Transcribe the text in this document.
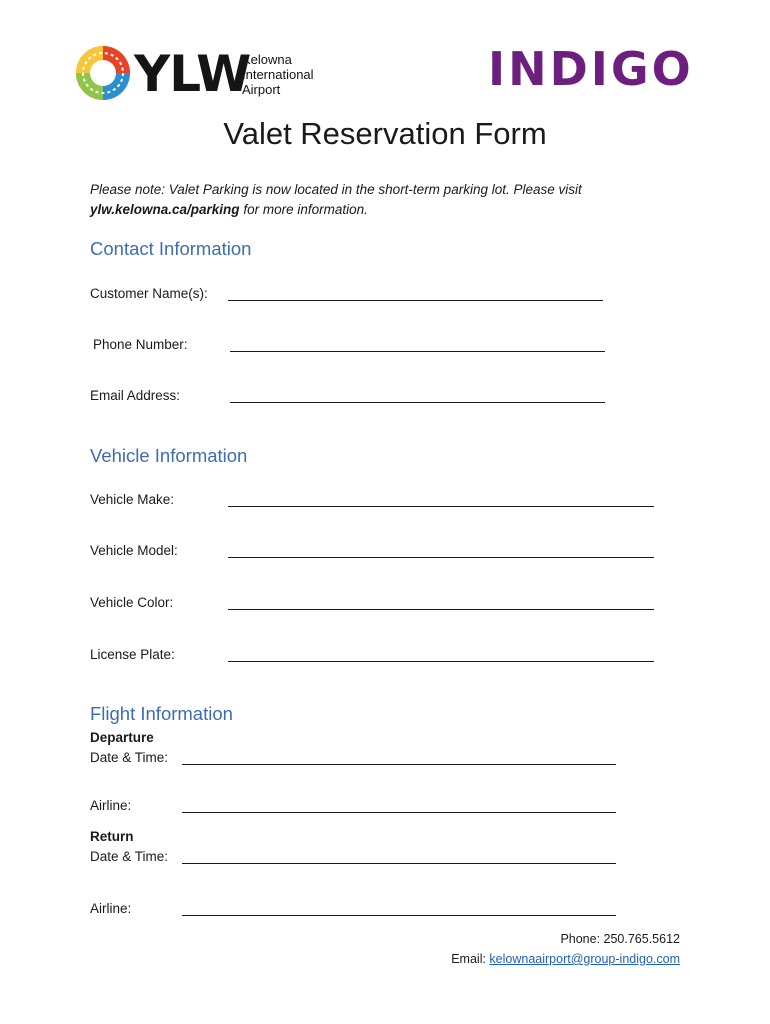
YLW
Kelowna
International
Airport	INDIGO
Valet Reservation Form
Please note: Valet Parking is now located in the short-term parking lot. Please visit
ylw.kelowna.ca/parking for more information.
Contact Information
Customer Name(s):
Phone Number:
Email Address:
Vehicle Information
Vehicle Make:
Vehicle Model:
Vehicle Color:
License Plate:
Flight Information
Departure
Date & Time:
Airline:
Return
Date & Time:
Airline:
Phone: 250.765.5612
Email: kelownaairport@group-indigo.com
